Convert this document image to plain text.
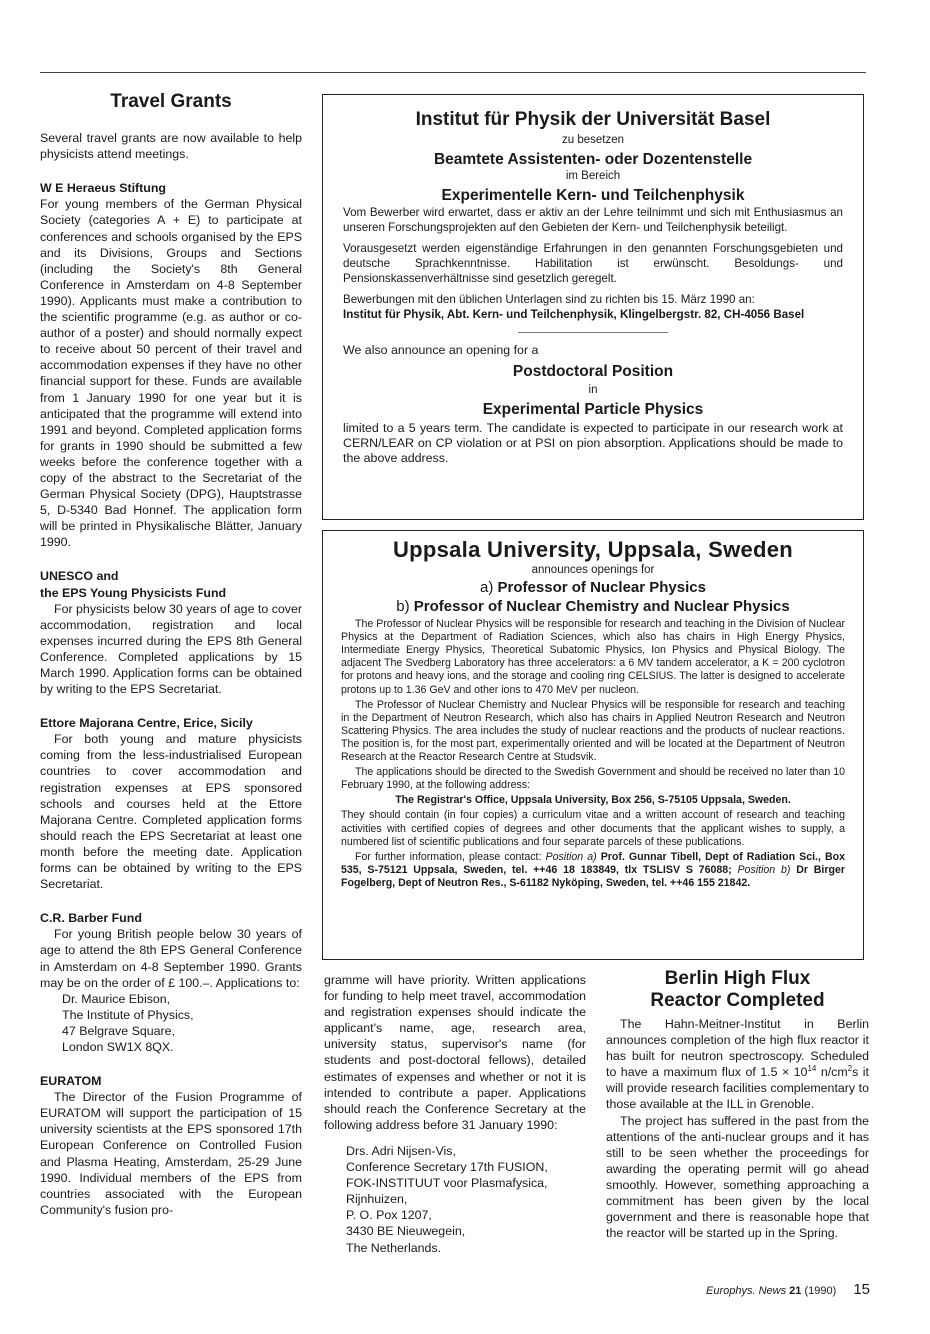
Travel Grants

Several travel grants are now available to help physicists attend meetings.

W E Heraeus Stiftung

For young members of the German Physical Society (categories A + E) to participate at conferences and schools organised by the EPS and its Divisions, Groups and Sections (including the Society's 8th General Conference in Amsterdam on 4-8 September 1990). Applicants must make a contribution to the scientific programme (e.g. as author or co-author of a poster) and should normally expect to receive about 50 percent of their travel and accommodation expenses if they have no other financial support for these. Funds are available from 1 January 1990 for one year but it is anticipated that the programme will extend into 1991 and beyond. Completed application forms for grants in 1990 should be submitted a few weeks before the conference together with a copy of the abstract to the Secretariat of the German Physical Society (DPG), Hauptstrasse 5, D-5340 Bad Honnef. The application form will be printed in Physikalische Blätter, January 1990.

UNESCO and

the EPS Young Physicists Fund

For physicists below 30 years of age to cover accommodation, registration and local expenses incurred during the EPS 8th General Conference. Completed applications by 15 March 1990. Application forms can be obtained by writing to the EPS Secretariat.

Ettore Majorana Centre, Erice, Sicily

For both young and mature physicists coming from the less-industrialised European countries to cover accommodation and registration expenses at EPS sponsored schools and courses held at the Ettore Majorana Centre. Completed application forms should reach the EPS Secretariat at least one month before the meeting date. Application forms can be obtained by writing to the EPS Secretariat.

C.R. Barber Fund

For young British people below 30 years of age to attend the 8th EPS General Conference in Amsterdam on 4-8 September 1990. Grants may be on the order of £ 100.–. Applications to:

Dr. Maurice Ebison,
The Institute of Physics,
47 Belgrave Square,
London SW1X 8QX.

EURATOM

The Director of the Fusion Programme of EURATOM will support the participation of 15 university scientists at the EPS sponsored 17th European Conference on Controlled Fusion and Plasma Heating, Amsterdam, 25-29 June 1990. Individual members of the EPS from countries associated with the European Community's fusion pro-

Institut für Physik der Universität Basel
zu besetzen
Beamtete Assistenten- oder Dozentenstelle
im Bereich
Experimentelle Kern- und Teilchenphysik

Vom Bewerber wird erwartet, dass er aktiv an der Lehre teilnimmt und sich mit Enthusiasmus an unseren Forschungsprojekten auf den Gebieten der Kern- und Teilchenphysik beteiligt.

Vorausgesetzt werden eigenständige Erfahrungen in den genannten Forschungsgebieten und deutsche Sprachkenntnisse. Habilitation ist erwünscht. Besoldungs- und Pensionskassenverhältnisse sind gesetzlich geregelt.

Bewerbungen mit den üblichen Unterlagen sind zu richten bis 15. März 1990 an:

Institut für Physik, Abt. Kern- und Teilchenphysik, Klingelbergstr. 82, CH-4056 Basel

We also announce an opening for a

Postdoctoral Position
in
Experimental Particle Physics

limited to a 5 years term. The candidate is expected to participate in our research work at CERN/LEAR on CP violation or at PSI on pion absorption. Applications should be made to the above address.

Uppsala University, Uppsala, Sweden
announces openings for
a) Professor of Nuclear Physics
b) Professor of Nuclear Chemistry and Nuclear Physics

The Professor of Nuclear Physics will be responsible for research and teaching in the Division of Nuclear Physics at the Department of Radiation Sciences, which also has chairs in High Energy Physics, Intermediate Energy Physics, Theoretical Subatomic Physics, Ion Physics and Physical Biology. The adjacent The Svedberg Laboratory has three accelerators: a 6 MV tandem accelerator, a K = 200 cyclotron for protons and heavy ions, and the storage and cooling ring CELSIUS. The latter is designed to accelerate protons up to 1.36 GeV and other ions to 470 MeV per nucleon.

The Professor of Nuclear Chemistry and Nuclear Physics will be responsible for research and teaching in the Department of Neutron Research, which also has chairs in Applied Neutron Research and Neutron Scattering Physics. The area includes the study of nuclear reactions and the products of nuclear reactions. The position is, for the most part, experimentally oriented and will be located at the Department of Neutron Research at the Reactor Research Centre at Studsvik.

The applications should be directed to the Swedish Government and should be received no later than 10 February 1990, at the following address:

The Registrar's Office, Uppsala University, Box 256, S-75105 Uppsala, Sweden.

They should contain (in four copies) a curriculum vitae and a written account of research and teaching activities with certified copies of degrees and other documents that the applicant wishes to supply, a numbered list of scientific publications and four separate parcels of these publications.

For further information, please contact: Position a) Prof. Gunnar Tibell, Dept of Radiation Sci., Box 535, S-75121 Uppsala, Sweden, tel. ++46 18 183849, tlx TSLISV S 76088; Position b) Dr Birger Fogelberg, Dept of Neutron Res., S-61182 Nyköping, Sweden, tel. ++46 155 21842.

gramme will have priority. Written applications for funding to help meet travel, accommodation and registration expenses should indicate the applicant's name, age, research area, university status, supervisor's name (for students and post-doctoral fellows), detailed estimates of expenses and whether or not it is intended to contribute a paper. Applications should reach the Conference Secretary at the following address before 31 January 1990:

Drs. Adri Nijsen-Vis,
Conference Secretary 17th FUSION,
FOK-INSTITUUT voor Plasmafysica,
Rijnhuizen,
P. O. Pox 1207,
3430 BE Nieuwegein,
The Netherlands.
Berlin High Flux
Reactor Completed

The Hahn-Meitner-Institut in Berlin announces completion of the high flux reactor it has built for neutron spectroscopy. Scheduled to have a maximum flux of $1.5 \times 10^{14}$ $n/cm^2s$ it will provide research facilities complementary to those available at the ILL in Grenoble.

The project has suffered in the past from the attentions of the anti-nuclear groups and it has still to be seen whether the proceedings for awarding the operating permit will go ahead smoothly. However, something approaching a commitment has been given by the local government and there is reasonable hope that the reactor will be started up in the Spring.

Europhys. News 21 (1990) 15
